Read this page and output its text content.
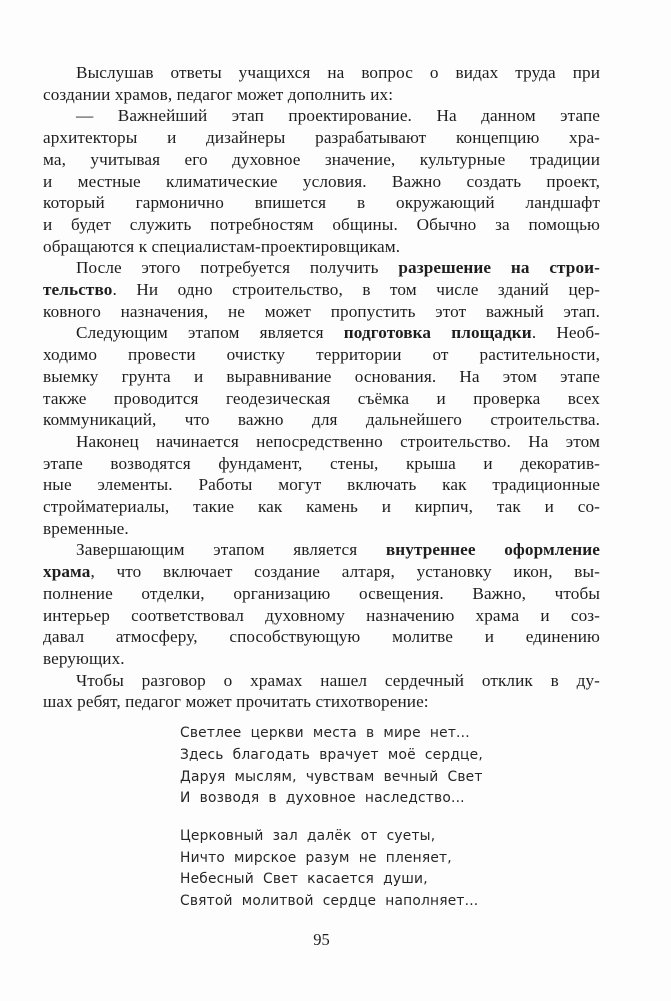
Выслушав ответы учащихся на вопрос о видах труда при
создании храмов, педагог может дополнить их:
— Важнейший этап проектирование. На данном этапе
архитекторы и дизайнеры разрабатывают концепцию хра-
ма, учитывая его духовное значение, культурные традиции
и местные климатические условия. Важно создать проект,
который гармонично впишется в окружающий ландшафт
и будет служить потребностям общины. Обычно за помощью
обращаются к специалистам-проектировщикам.
После этого потребуется получить разрешение на строи-
тельство. Ни одно строительство, в том числе зданий цер-
ковного назначения, не может пропустить этот важный этап.
Следующим этапом является подготовка площадки. Необ-
ходимо провести очистку территории от растительности,
выемку грунта и выравнивание основания. На этом этапе
также проводится геодезическая съёмка и проверка всех
коммуникаций, что важно для дальнейшего строительства.
Наконец начинается непосредственно строительство. На этом
этапе возводятся фундамент, стены, крыша и декоратив-
ные элементы. Работы могут включать как традиционные
стройматериалы, такие как камень и кирпич, так и со-
временные.
Завершающим этапом является внутреннее оформление
храма, что включает создание алтаря, установку икон, вы-
полнение отделки, организацию освещения. Важно, чтобы
интерьер соответствовал духовному назначению храма и соз-
давал атмосферу, способствующую молитве и единению
верующих.
Чтобы разговор о храмах нашел сердечный отклик в ду-
шах ребят, педагог может прочитать стихотворение:
Светлее церкви места в мире нет...
Здесь благодать врачует моё сердце,
Даруя мыслям, чувствам вечный Свет
И возводя в духовное наследство...
Церковный зал далёк от суеты,
Ничто мирское разум не пленяет,
Небесный Свет касается души,
Святой молитвой сердце наполняет...
95
